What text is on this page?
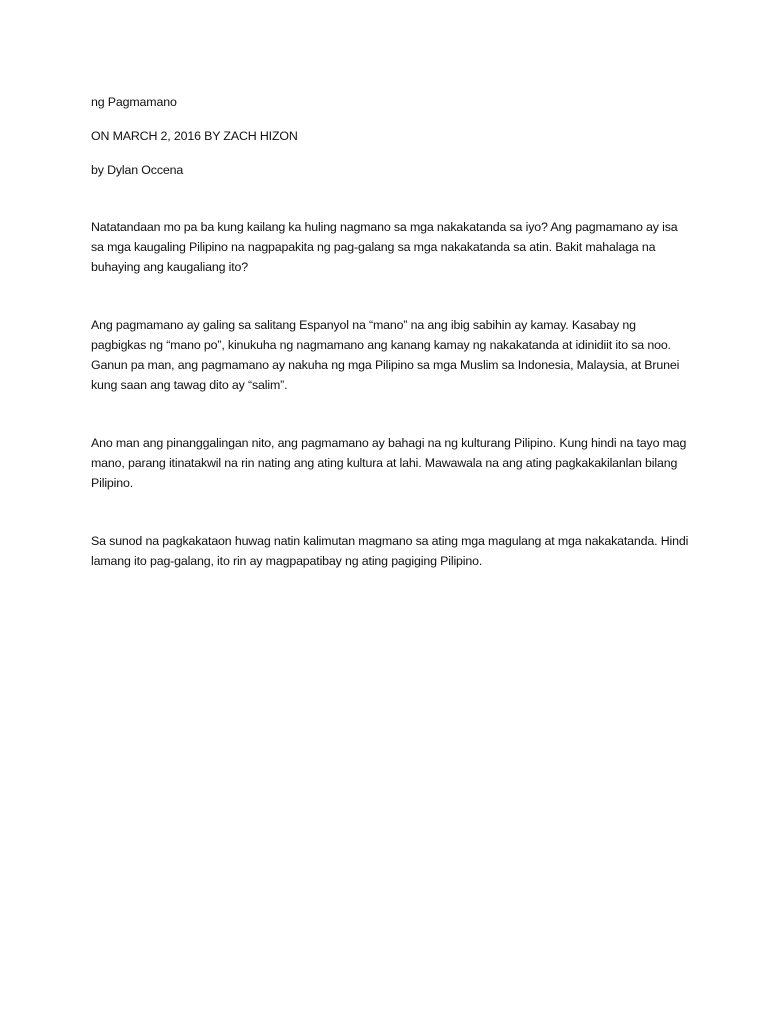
ng Pagmamano

ON MARCH 2, 2016 BY ZACH HIZON

by Dylan Occena

Natatandaan mo pa ba kung kailang ka huling nagmano sa mga nakakatanda sa iyo? Ang pagmamano ay isa sa mga kaugaling Pilipino na nagpapakita ng pag-galang sa mga nakakatanda sa atin. Bakit mahalaga na buhaying ang kaugaliang ito?

Ang pagmamano ay galing sa salitang Espanyol na “mano” na ang ibig sabihin ay kamay. Kasabay ng pagbigkas ng “mano po”, kinukuha ng nagmamano ang kanang kamay ng nakakatanda at idinidiit ito sa noo. Ganun pa man, ang pagmamano ay nakuha ng mga Pilipino sa mga Muslim sa Indonesia, Malaysia, at Brunei kung saan ang tawag dito ay “salim”.

Ano man ang pinanggalingan nito, ang pagmamano ay bahagi na ng kulturang Pilipino. Kung hindi na tayo mag mano, parang itinatakwil na rin nating ang ating kultura at lahi. Mawawala na ang ating pagkakakilanlan bilang Pilipino.

Sa sunod na pagkakataon huwag natin kalimutan magmano sa ating mga magulang at mga nakakatanda. Hindi lamang ito pag-galang, ito rin ay magpapatibay ng ating pagiging Pilipino.
